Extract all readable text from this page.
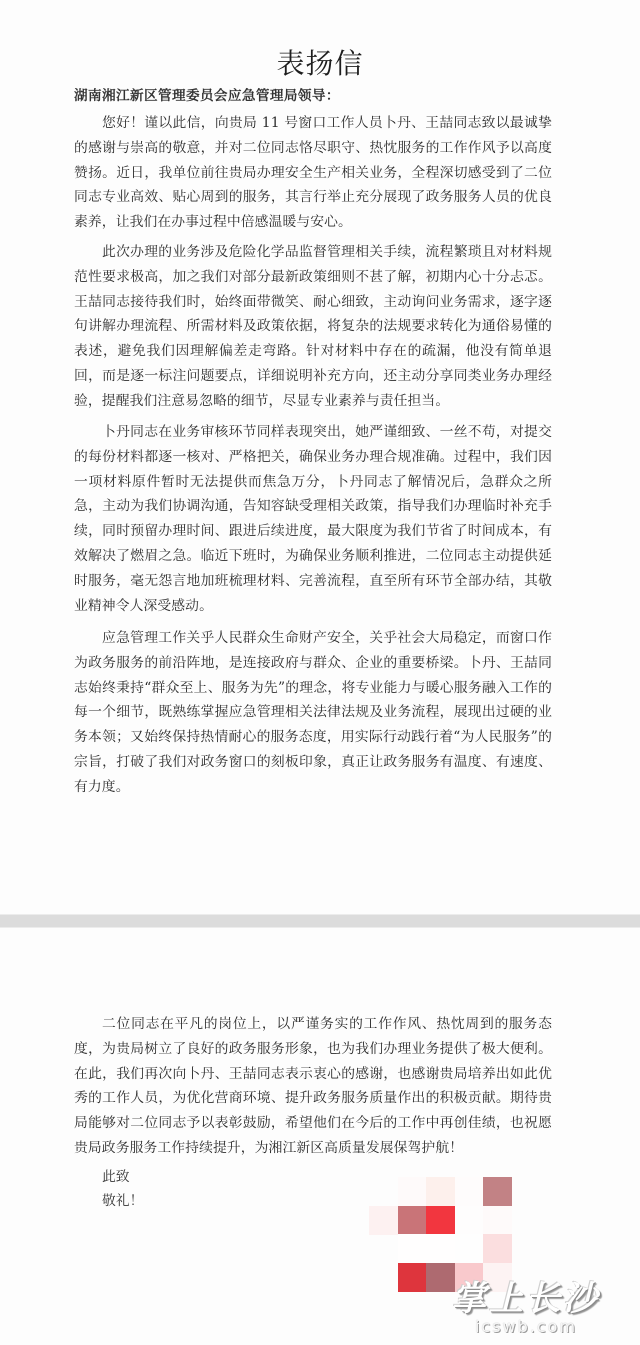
表扬信
湖南湘江新区管理委员会应急管理局领导：

您好！谨以此信，向贵局 11 号窗口工作人员卜丹、王喆同志致以最诚挚的感谢与崇高的敬意，并对二位同志恪尽职守、热忱服务的工作作风予以高度赞扬。近日，我单位前往贵局办理安全生产相关业务，全程深切感受到了二位同志专业高效、贴心周到的服务，其言行举止充分展现了政务服务人员的优良素养，让我们在办事过程中倍感温暖与安心。

此次办理的业务涉及危险化学品监督管理相关手续，流程繁琐且对材料规范性要求极高，加之我们对部分最新政策细则不甚了解，初期内心十分忐忑。王喆同志接待我们时，始终面带微笑、耐心细致，主动询问业务需求，逐字逐句讲解办理流程、所需材料及政策依据，将复杂的法规要求转化为通俗易懂的表述，避免我们因理解偏差走弯路。针对材料中存在的疏漏，他没有简单退回，而是逐一标注问题要点，详细说明补充方向，还主动分享同类业务办理经验，提醒我们注意易忽略的细节，尽显专业素养与责任担当。

卜丹同志在业务审核环节同样表现突出，她严谨细致、一丝不苟，对提交的每份材料都逐一核对、严格把关，确保业务办理合规准确。过程中，我们因一项材料原件暂时无法提供而焦急万分，卜丹同志了解情况后，急群众之所急，主动为我们协调沟通，告知容缺受理相关政策，指导我们办理临时补充手续，同时预留办理时间、跟进后续进度，最大限度为我们节省了时间成本，有效解决了燃眉之急。临近下班时，为确保业务顺利推进，二位同志主动提供延时服务，毫无怨言地加班梳理材料、完善流程，直至所有环节全部办结，其敬业精神令人深受感动。

应急管理工作关乎人民群众生命财产安全，关乎社会大局稳定，而窗口作为政务服务的前沿阵地，是连接政府与群众、企业的重要桥梁。卜丹、王喆同志始终秉持“群众至上、服务为先”的理念，将专业能力与暖心服务融入工作的每一个细节，既熟练掌握应急管理相关法律法规及业务流程，展现出过硬的业务本领；又始终保持热情耐心的服务态度，用实际行动践行着“为人民服务”的宗旨，打破了我们对政务窗口的刻板印象，真正让政务服务有温度、有速度、有力度。

二位同志在平凡的岗位上，以严谨务实的工作作风、热忱周到的服务态度，为贵局树立了良好的政务服务形象，也为我们办理业务提供了极大便利。在此，我们再次向卜丹、王喆同志表示衷心的感谢，也感谢贵局培养出如此优秀的工作人员，为优化营商环境、提升政务服务质量作出的积极贡献。期待贵局能够对二位同志予以表彰鼓励，希望他们在今后的工作中再创佳绩，也祝愿贵局政务服务工作持续提升，为湘江新区高质量发展保驾护航！

此致
敬礼！
掌上长沙
icswb.com
